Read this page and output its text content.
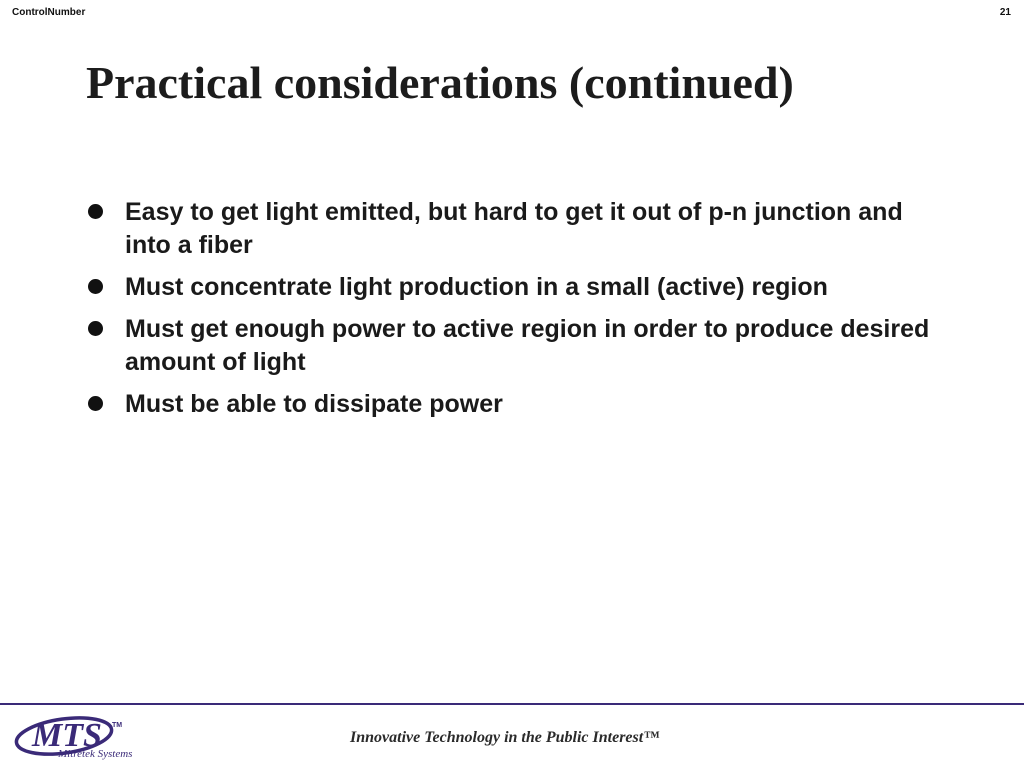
ControlNumber	21
Practical considerations (continued)
Easy to get light emitted, but hard to get it out of p-n junction and into a fiber
Must concentrate light production in a small (active) region
Must get enough power to active region in order to produce desired amount of light
Must be able to dissipate power
MTS TM
Mitretek Systems
Innovative Technology in the Public Interest™
